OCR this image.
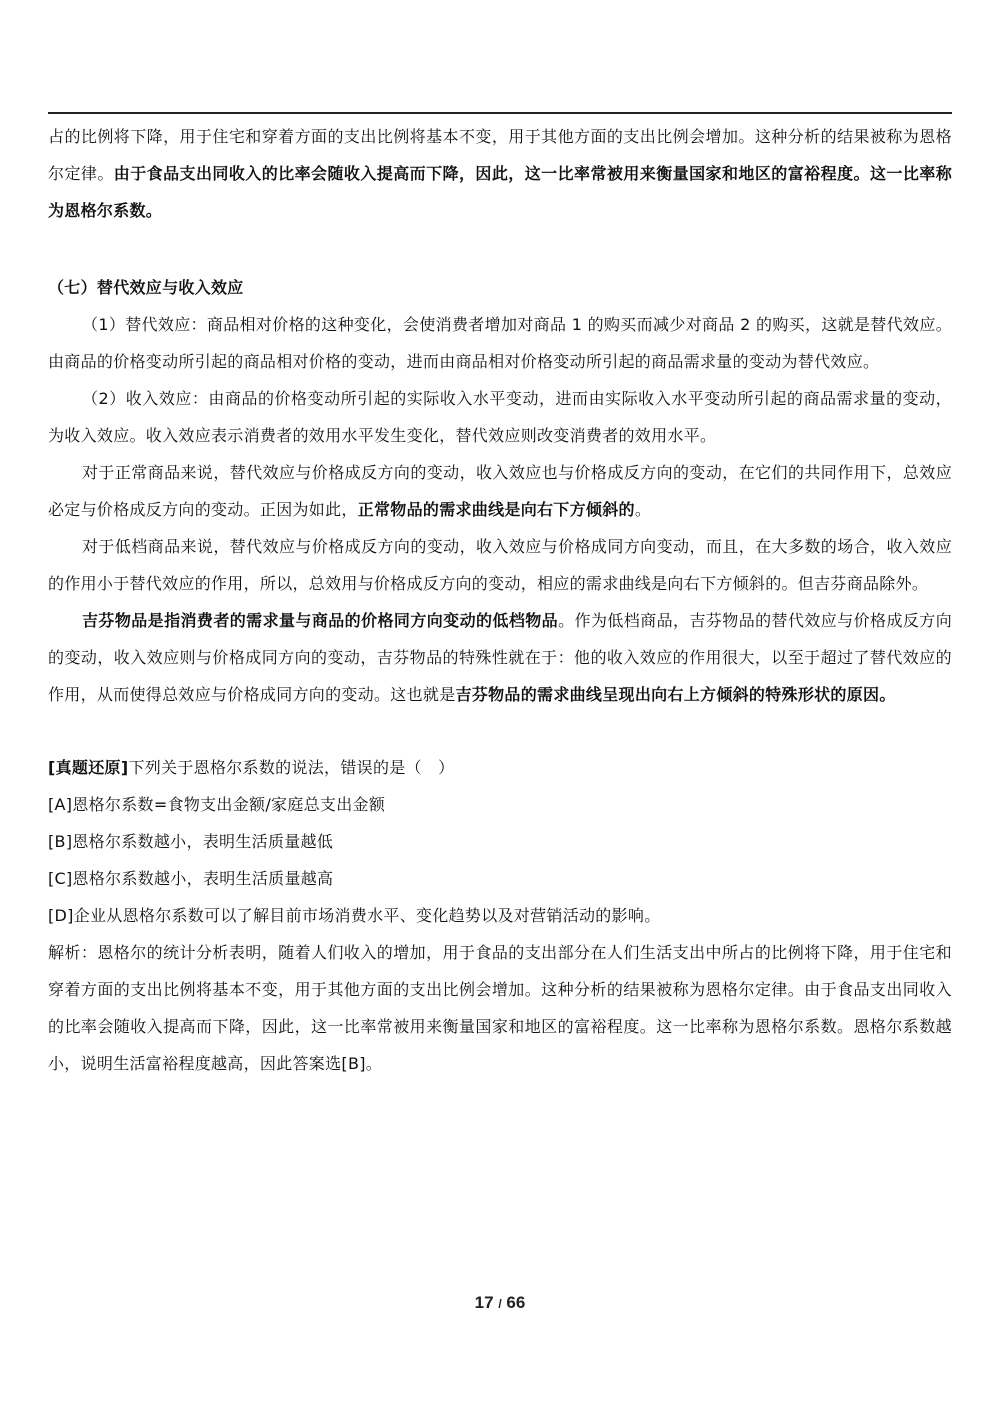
占的比例将下降，用于住宅和穿着方面的支出比例将基本不变，用于其他方面的支出比例会增加。这种分析的结果被称为恩格尔定律。由于食品支出同收入的比率会随收入提高而下降，因此，这一比率常被用来衡量国家和地区的富裕程度。这一比率称为恩格尔系数。

（七）替代效应与收入效应

（1）替代效应：商品相对价格的这种变化，会使消费者增加对商品 1 的购买而减少对商品 2 的购买，这就是替代效应。由商品的价格变动所引起的商品相对价格的变动，进而由商品相对价格变动所引起的商品需求量的变动为替代效应。

（2）收入效应：由商品的价格变动所引起的实际收入水平变动，进而由实际收入水平变动所引起的商品需求量的变动，为收入效应。收入效应表示消费者的效用水平发生变化，替代效应则改变消费者的效用水平。

对于正常商品来说，替代效应与价格成反方向的变动，收入效应也与价格成反方向的变动，在它们的共同作用下，总效应必定与价格成反方向的变动。正因为如此，正常物品的需求曲线是向右下方倾斜的。

对于低档商品来说，替代效应与价格成反方向的变动，收入效应与价格成同方向变动，而且，在大多数的场合，收入效应的作用小于替代效应的作用，所以，总效用与价格成反方向的变动，相应的需求曲线是向右下方倾斜的。但吉芬商品除外。

吉芬物品是指消费者的需求量与商品的价格同方向变动的低档物品。作为低档商品，吉芬物品的替代效应与价格成反方向的变动，收入效应则与价格成同方向的变动，吉芬物品的特殊性就在于：他的收入效应的作用很大，以至于超过了替代效应的作用，从而使得总效应与价格成同方向的变动。这也就是吉芬物品的需求曲线呈现出向右上方倾斜的特殊形状的原因。

[真题还原]下列关于恩格尔系数的说法，错误的是（　）

[A]恩格尔系数=食物支出金额/家庭总支出金额

[B]恩格尔系数越小，表明生活质量越低

[C]恩格尔系数越小，表明生活质量越高

[D]企业从恩格尔系数可以了解目前市场消费水平、变化趋势以及对营销活动的影响。

解析：恩格尔的统计分析表明，随着人们收入的增加，用于食品的支出部分在人们生活支出中所占的比例将下降，用于住宅和穿着方面的支出比例将基本不变，用于其他方面的支出比例会增加。这种分析的结果被称为恩格尔定律。由于食品支出同收入的比率会随收入提高而下降，因此，这一比率常被用来衡量国家和地区的富裕程度。这一比率称为恩格尔系数。恩格尔系数越小，说明生活富裕程度越高，因此答案选[B]。

17 / 66
